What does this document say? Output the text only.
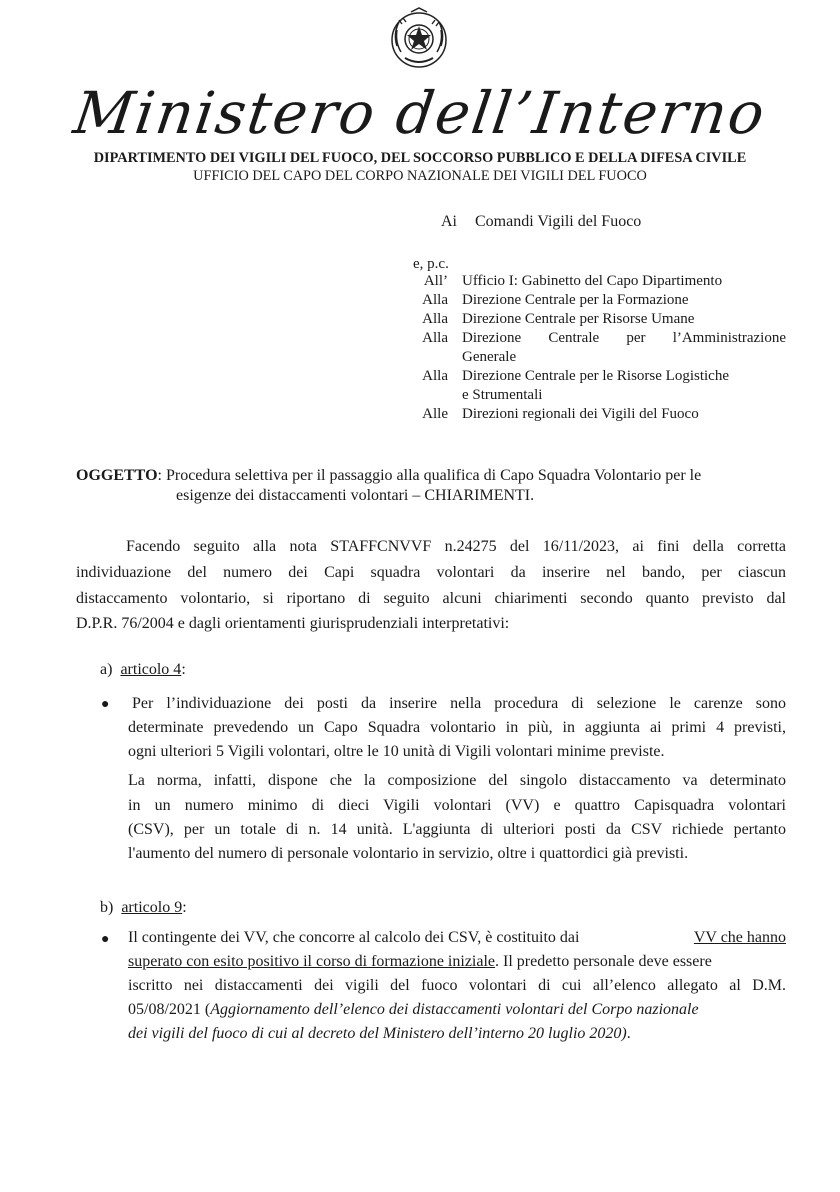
Ministero dell’Interno
DIPARTIMENTO DEI VIGILI DEL FUOCO, DEL SOCCORSO PUBBLICO E DELLA DIFESA CIVILE
UFFICIO DEL CAPO DEL CORPO NAZIONALE DEI VIGILI DEL FUOCO
Ai Comandi Vigili del Fuoco
e, p.c.
All’ Ufficio I: Gabinetto del Capo Dipartimento
Alla Direzione Centrale per la Formazione
Alla Direzione Centrale per Risorse Umane
Alla Direzione Centrale per l’Amministrazione
Generale
Alla Direzione Centrale per le Risorse Logistiche
e Strumentali
Alle Direzioni regionali dei Vigili del Fuoco
OGGETTO: Procedura selettiva per il passaggio alla qualifica di Capo Squadra Volontario per le
esigenze dei distaccamenti volontari – CHIARIMENTI.
Facendo seguito alla nota STAFFCNVVF n.24275 del 16/11/2023, ai fini della corretta
individuazione del numero dei Capi squadra volontari da inserire nel bando, per ciascun
distaccamento volontario, si riportano di seguito alcuni chiarimenti secondo quanto previsto dal
D.P.R. 76/2004 e dagli orientamenti giurisprudenziali interpretativi:
a) articolo 4:
● Per l’individuazione dei posti da inserire nella procedura di selezione le carenze sono
determinate prevedendo un Capo Squadra volontario in più, in aggiunta ai primi 4 previsti,
ogni ulteriori 5 Vigili volontari, oltre le 10 unità di Vigili volontari minime previste.
La norma, infatti, dispone che la composizione del singolo distaccamento va determinato
in un numero minimo di dieci Vigili volontari (VV) e quattro Capisquadra volontari
(CSV), per un totale di n. 14 unità. L'aggiunta di ulteriori posti da CSV richiede pertanto
l'aumento del numero di personale volontario in servizio, oltre i quattordici già previsti.
b) articolo 9:
● Il contingente dei VV, che concorre al calcolo dei CSV, è costituito dai	VV che hanno
superato con esito positivo il corso di formazione iniziale. Il predetto personale deve essere
iscritto nei distaccamenti dei vigili del fuoco volontari di cui all’elenco allegato al D.M.
05/08/2021 (Aggiornamento dell’elenco dei distaccamenti volontari del Corpo nazionale
dei vigili del fuoco di cui al decreto del Ministero dell’interno 20 luglio 2020).
